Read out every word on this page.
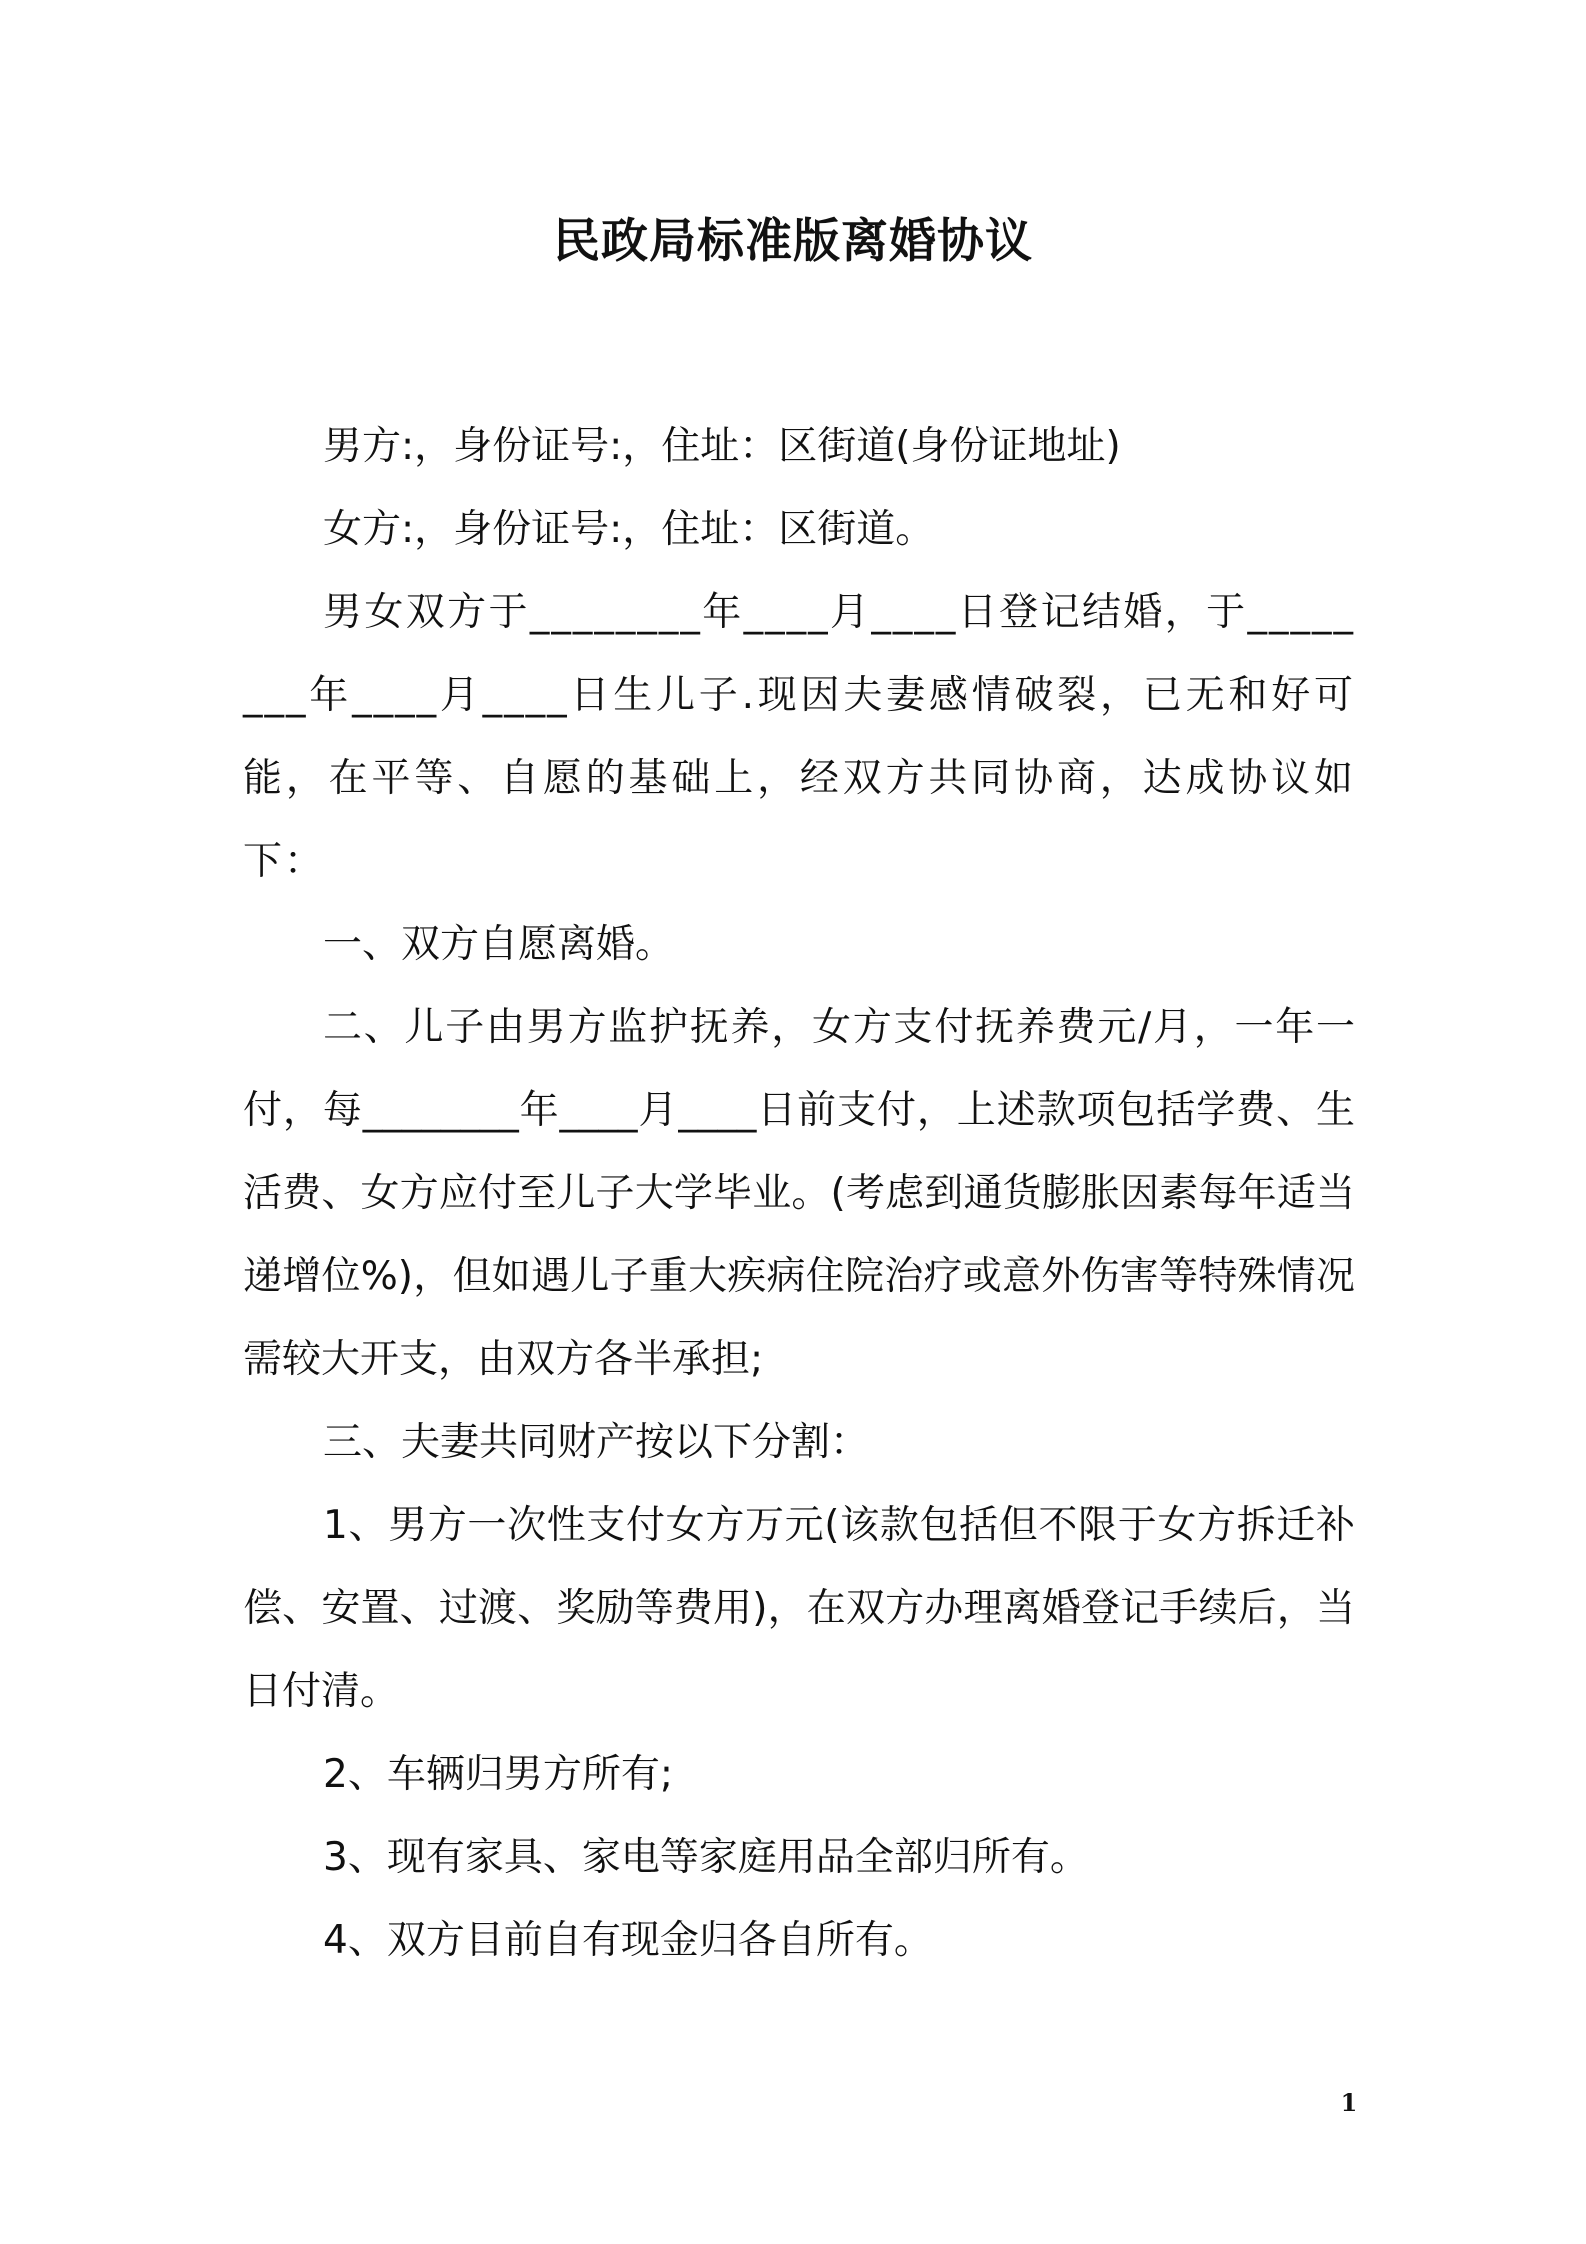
民政局标准版离婚协议

男方:，身份证号:，住址：区街道(身份证地址)

女方:，身份证号:，住址：区街道。

男女双方于________年____月____日登记结婚，于________年____月____日生儿子.现因夫妻感情破裂，已无和好可能，在平等、自愿的基础上，经双方共同协商，达成协议如下：

一、双方自愿离婚。

二、儿子由男方监护抚养，女方支付抚养费元/月，一年一付，每________年____月____日前支付，上述款项包括学费、生活费、女方应付至儿子大学毕业。(考虑到通货膨胀因素每年适当递增位%)，但如遇儿子重大疾病住院治疗或意外伤害等特殊情况需较大开支，由双方各半承担;

三、夫妻共同财产按以下分割：

1、男方一次性支付女方万元(该款包括但不限于女方拆迁补偿、安置、过渡、奖励等费用)，在双方办理离婚登记手续后，当日付清。

2、车辆归男方所有;

3、现有家具、家电等家庭用品全部归所有。

4、双方目前自有现金归各自所有。

1
